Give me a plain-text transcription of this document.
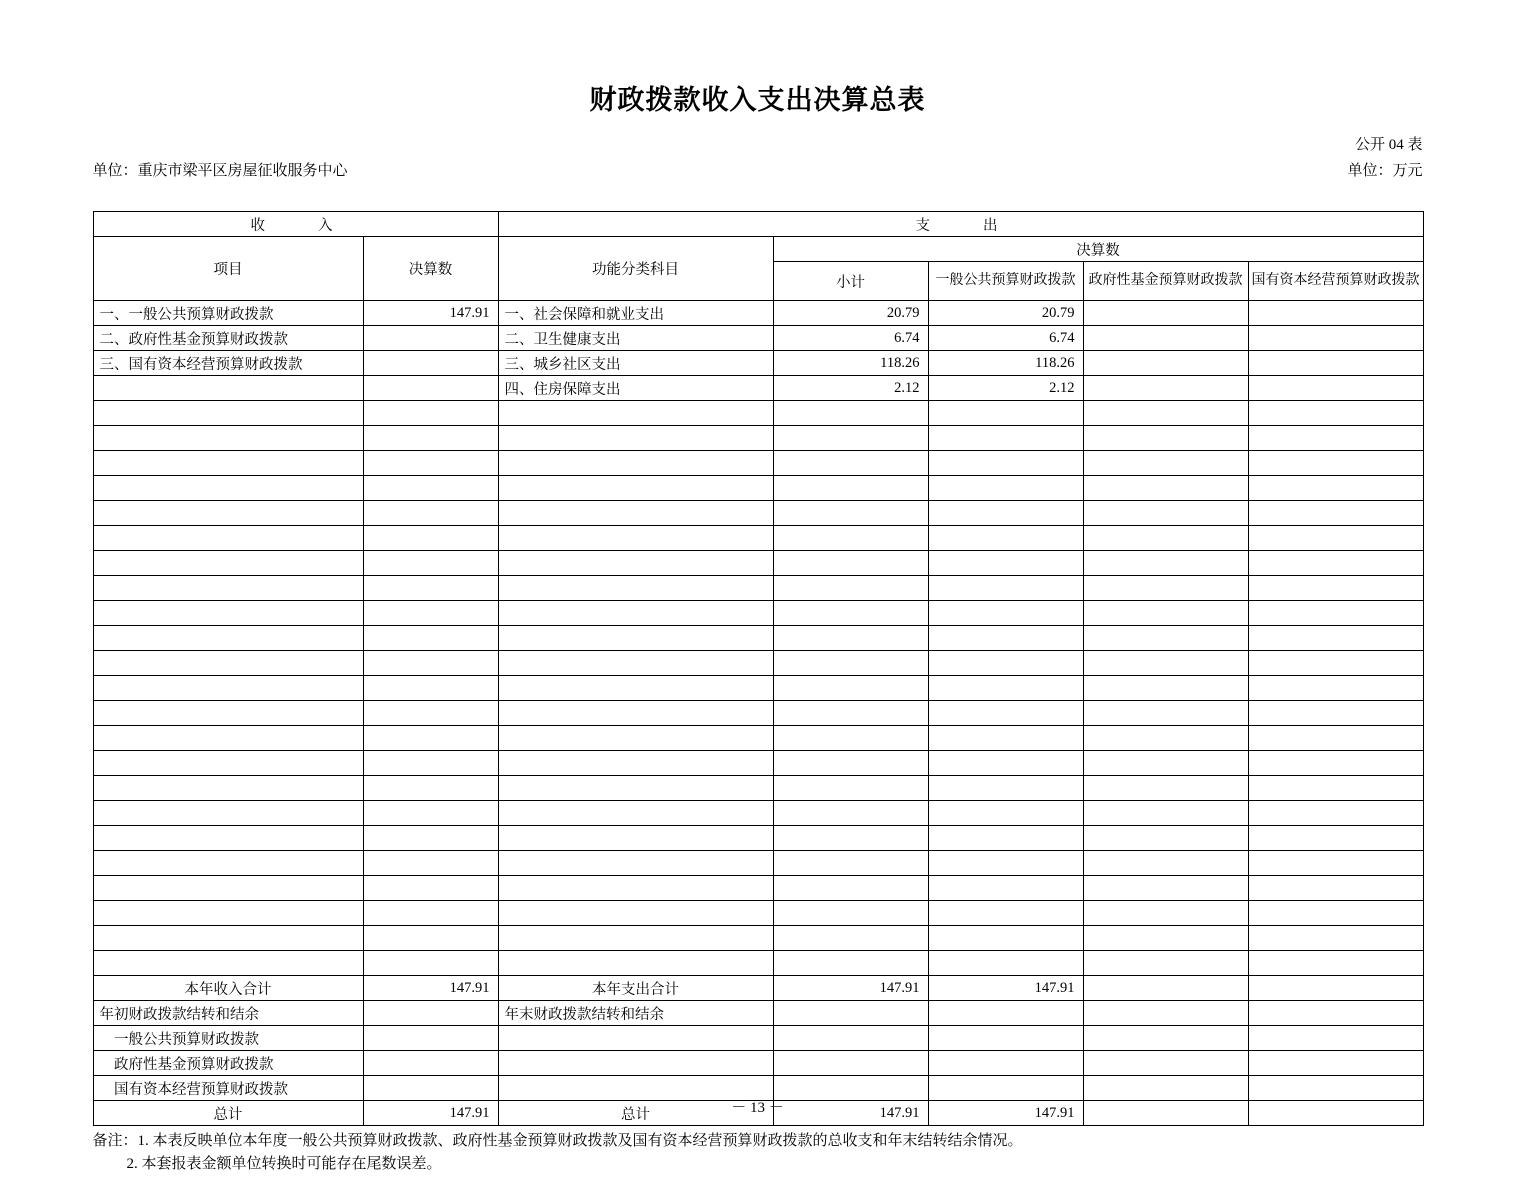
财政拨款收入支出决算总表
公开 04 表
单位：重庆市梁平区房屋征收服务中心	单位：万元
收　　入		支　　出				
项目	决算数	功能分类科目	决算数			
			小计	一般公共预算财政拨款	政府性基金预算财政拨款	国有资本经营预算财政拨款
一、一般公共预算财政拨款	147.91	一、社会保障和就业支出	20.79	20.79		
二、政府性基金预算财政拨款		二、卫生健康支出	6.74	6.74		
三、国有资本经营预算财政拨款		三、城乡社区支出	118.26	118.26		
		四、住房保障支出	2.12	2.12		

本年收入合计	147.91	本年支出合计	147.91	147.91		
年初财政拨款结转和结余		年末财政拨款结转和结余				
　一般公共预算财政拨款						
　政府性基金预算财政拨款						
　国有资本经营预算财政拨款						
总计	147.91	总计	147.91	147.91		
备注：1. 本表反映单位本年度一般公共预算财政拨款、政府性基金预算财政拨款及国有资本经营预算财政拨款的总收支和年末结转结余情况。
2. 本套报表金额单位转换时可能存在尾数误差。
－ 13 －
